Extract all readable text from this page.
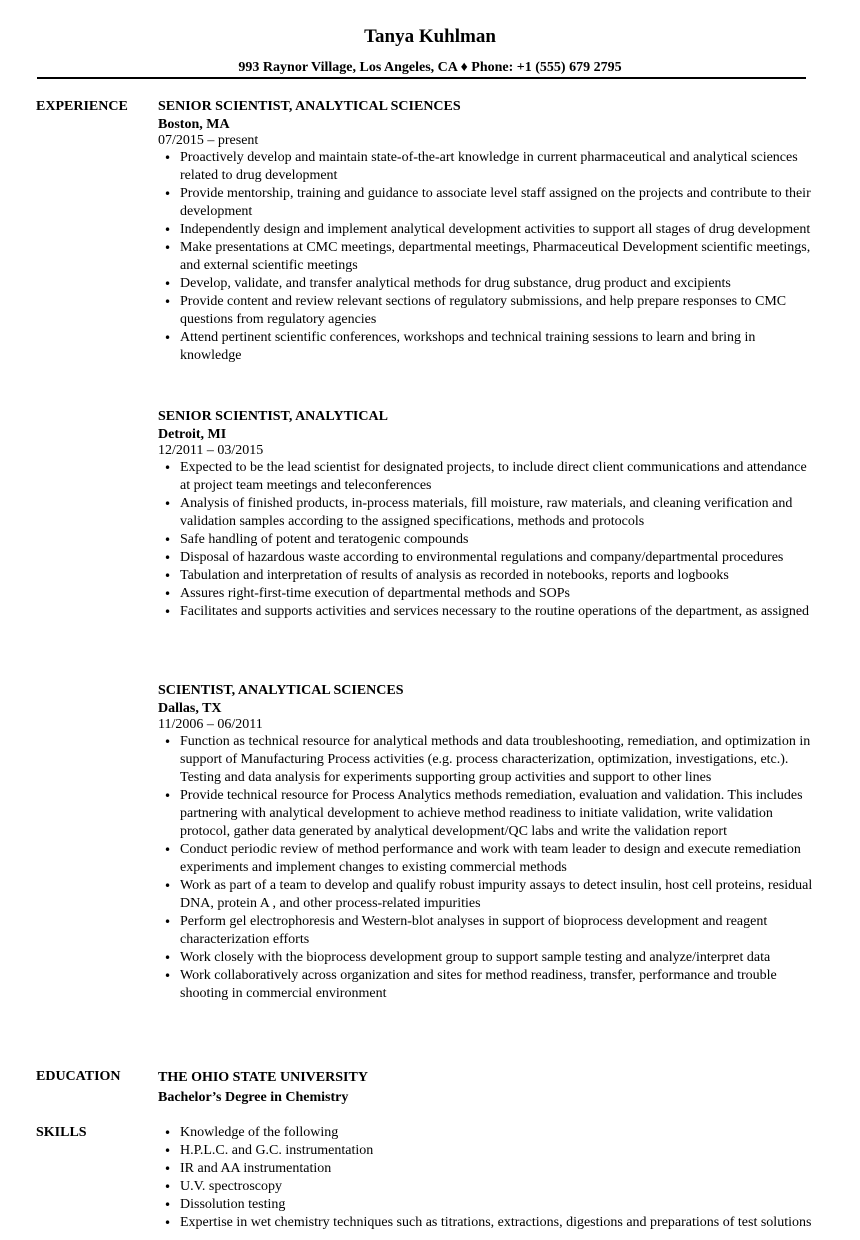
Tanya Kuhlman
993 Raynor Village, Los Angeles, CA ♦ Phone: +1 (555) 679 2795
EXPERIENCE SENIOR SCIENTIST, ANALYTICAL SCIENCES
Boston, MA
07/2015 – present
• Proactively develop and maintain state-of-the-art knowledge in current pharmaceutical and analytical sciences related to drug development
• Provide mentorship, training and guidance to associate level staff assigned on the projects and contribute to their development
• Independently design and implement analytical development activities to support all stages of drug development
• Make presentations at CMC meetings, departmental meetings, Pharmaceutical Development scientific meetings, and external scientific meetings
• Develop, validate, and transfer analytical methods for drug substance, drug product and excipients
• Provide content and review relevant sections of regulatory submissions, and help prepare responses to CMC questions from regulatory agencies
• Attend pertinent scientific conferences, workshops and technical training sessions to learn and bring in knowledge
SENIOR SCIENTIST, ANALYTICAL
Detroit, MI
12/2011 – 03/2015
• Expected to be the lead scientist for designated projects, to include direct client communications and attendance at project team meetings and teleconferences
• Analysis of finished products, in-process materials, fill moisture, raw materials, and cleaning verification and validation samples according to the assigned specifications, methods and protocols
• Safe handling of potent and teratogenic compounds
• Disposal of hazardous waste according to environmental regulations and company/departmental procedures
• Tabulation and interpretation of results of analysis as recorded in notebooks, reports and logbooks
• Assures right-first-time execution of departmental methods and SOPs
• Facilitates and supports activities and services necessary to the routine operations of the department, as assigned
SCIENTIST, ANALYTICAL SCIENCES
Dallas, TX
11/2006 – 06/2011
• Function as technical resource for analytical methods and data troubleshooting, remediation, and optimization in support of Manufacturing Process activities (e.g. process characterization, optimization, investigations, etc.). Testing and data analysis for experiments supporting group activities and support to other lines
• Provide technical resource for Process Analytics methods remediation, evaluation and validation. This includes partnering with analytical development to achieve method readiness to initiate validation, write validation protocol, gather data generated by analytical development/QC labs and write the validation report
• Conduct periodic review of method performance and work with team leader to design and execute remediation experiments and implement changes to existing commercial methods
• Work as part of a team to develop and qualify robust impurity assays to detect insulin, host cell proteins, residual DNA, protein A , and other process-related impurities
• Perform gel electrophoresis and Western-blot analyses in support of bioprocess development and reagent characterization efforts
• Work closely with the bioprocess development group to support sample testing and analyze/interpret data
• Work collaboratively across organization and sites for method readiness, transfer, performance and trouble shooting in commercial environment
EDUCATION	THE OHIO STATE UNIVERSITY
Bachelor’s Degree in Chemistry
SKILLS	• Knowledge of the following
• H.P.L.C. and G.C. instrumentation
• IR and AA instrumentation
• U.V. spectroscopy
• Dissolution testing
• Expertise in wet chemistry techniques such as titrations, extractions, digestions and preparations of test solutions
